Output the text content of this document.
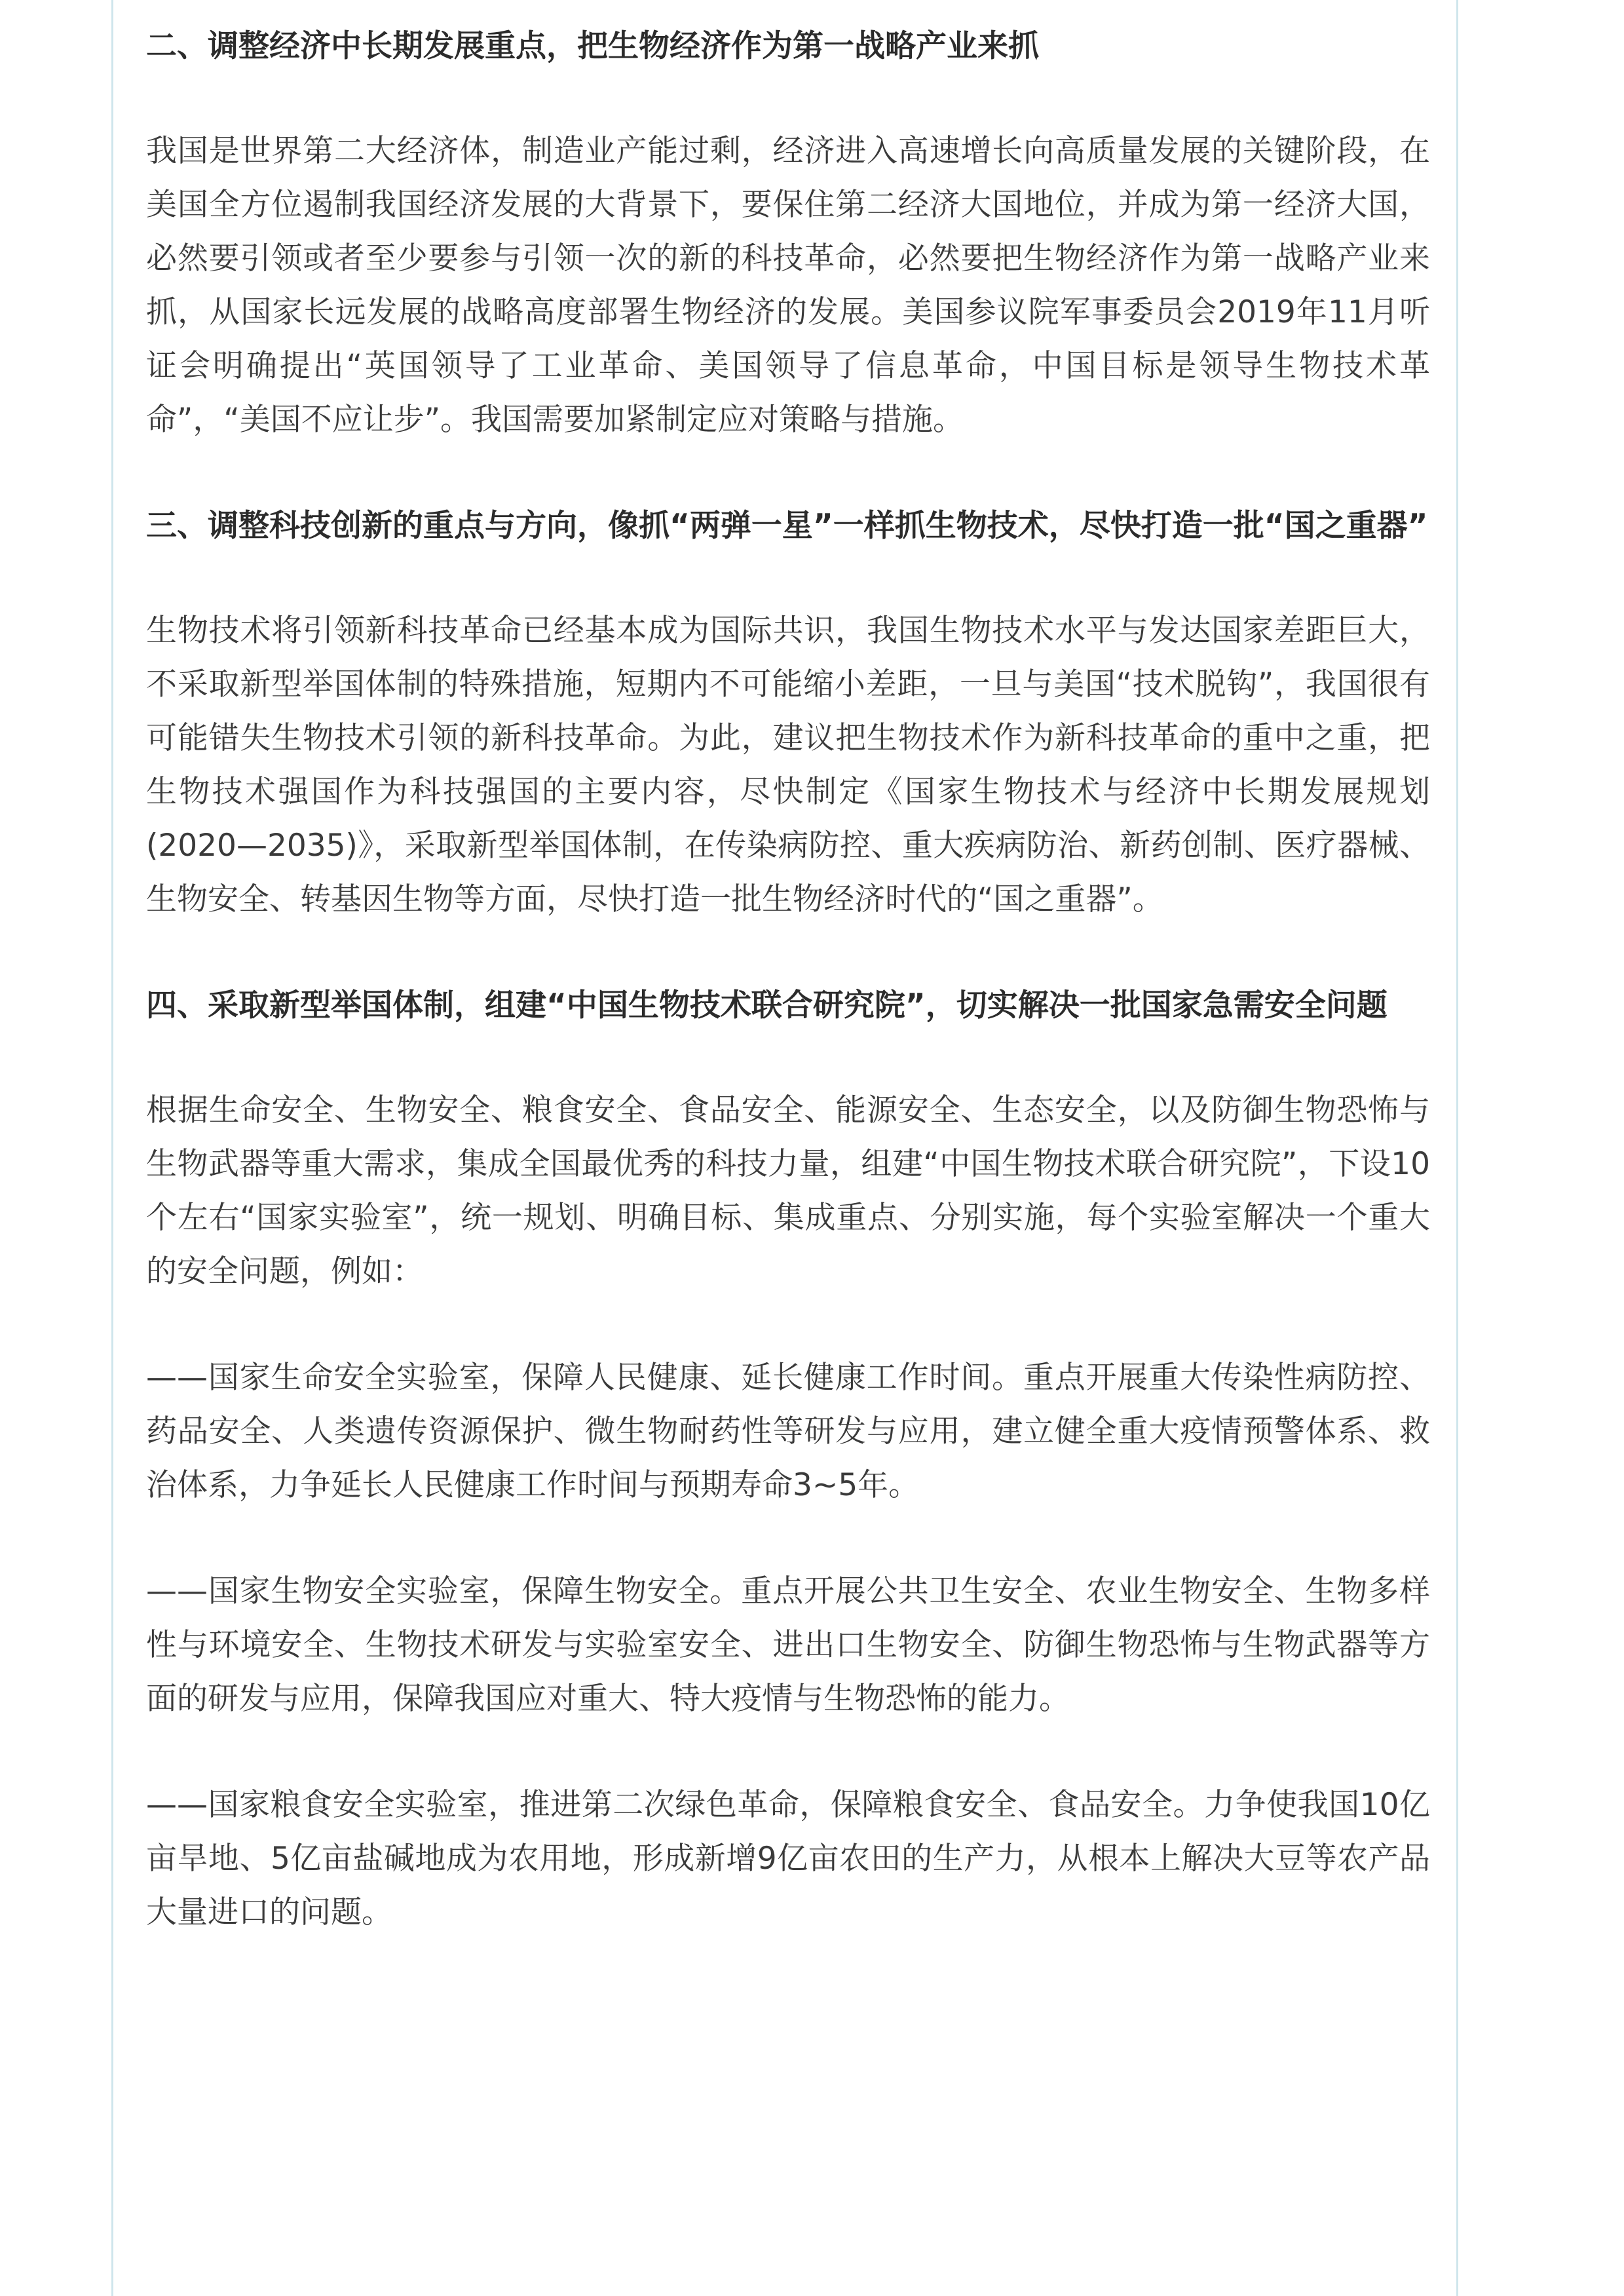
二、调整经济中长期发展重点，把生物经济作为第一战略产业来抓

我国是世界第二大经济体，制造业产能过剩，经济进入高速增长向高质量发展的关键阶段，在美国全方位遏制我国经济发展的大背景下，要保住第二经济大国地位，并成为第一经济大国，必然要引领或者至少要参与引领一次的新的科技革命，必然要把生物经济作为第一战略产业来抓，从国家长远发展的战略高度部署生物经济的发展。美国参议院军事委员会2019年11月听证会明确提出“英国领导了工业革命、美国领导了信息革命，中国目标是领导生物技术革命”，“美国不应让步”。我国需要加紧制定应对策略与措施。

三、调整科技创新的重点与方向，像抓“两弹一星”一样抓生物技术，尽快打造一批“国之重器”

生物技术将引领新科技革命已经基本成为国际共识，我国生物技术水平与发达国家差距巨大，不采取新型举国体制的特殊措施，短期内不可能缩小差距，一旦与美国“技术脱钩”，我国很有可能错失生物技术引领的新科技革命。为此，建议把生物技术作为新科技革命的重中之重，把生物技术强国作为科技强国的主要内容，尽快制定《国家生物技术与经济中长期发展规划(2020—2035)》，采取新型举国体制，在传染病防控、重大疾病防治、新药创制、医疗器械、生物安全、转基因生物等方面，尽快打造一批生物经济时代的“国之重器”。

四、采取新型举国体制，组建“中国生物技术联合研究院”，切实解决一批国家急需安全问题

根据生命安全、生物安全、粮食安全、食品安全、能源安全、生态安全，以及防御生物恐怖与生物武器等重大需求，集成全国最优秀的科技力量，组建“中国生物技术联合研究院”，下设10个左右“国家实验室”，统一规划、明确目标、集成重点、分别实施，每个实验室解决一个重大的安全问题，例如：

——国家生命安全实验室，保障人民健康、延长健康工作时间。重点开展重大传染性病防控、药品安全、人类遗传资源保护、微生物耐药性等研发与应用，建立健全重大疫情预警体系、救治体系，力争延长人民健康工作时间与预期寿命3~5年。

——国家生物安全实验室，保障生物安全。重点开展公共卫生安全、农业生物安全、生物多样性与环境安全、生物技术研发与实验室安全、进出口生物安全、防御生物恐怖与生物武器等方面的研发与应用，保障我国应对重大、特大疫情与生物恐怖的能力。

——国家粮食安全实验室，推进第二次绿色革命，保障粮食安全、食品安全。力争使我国10亿亩旱地、5亿亩盐碱地成为农用地，形成新增9亿亩农田的生产力，从根本上解决大豆等农产品大量进口的问题。
